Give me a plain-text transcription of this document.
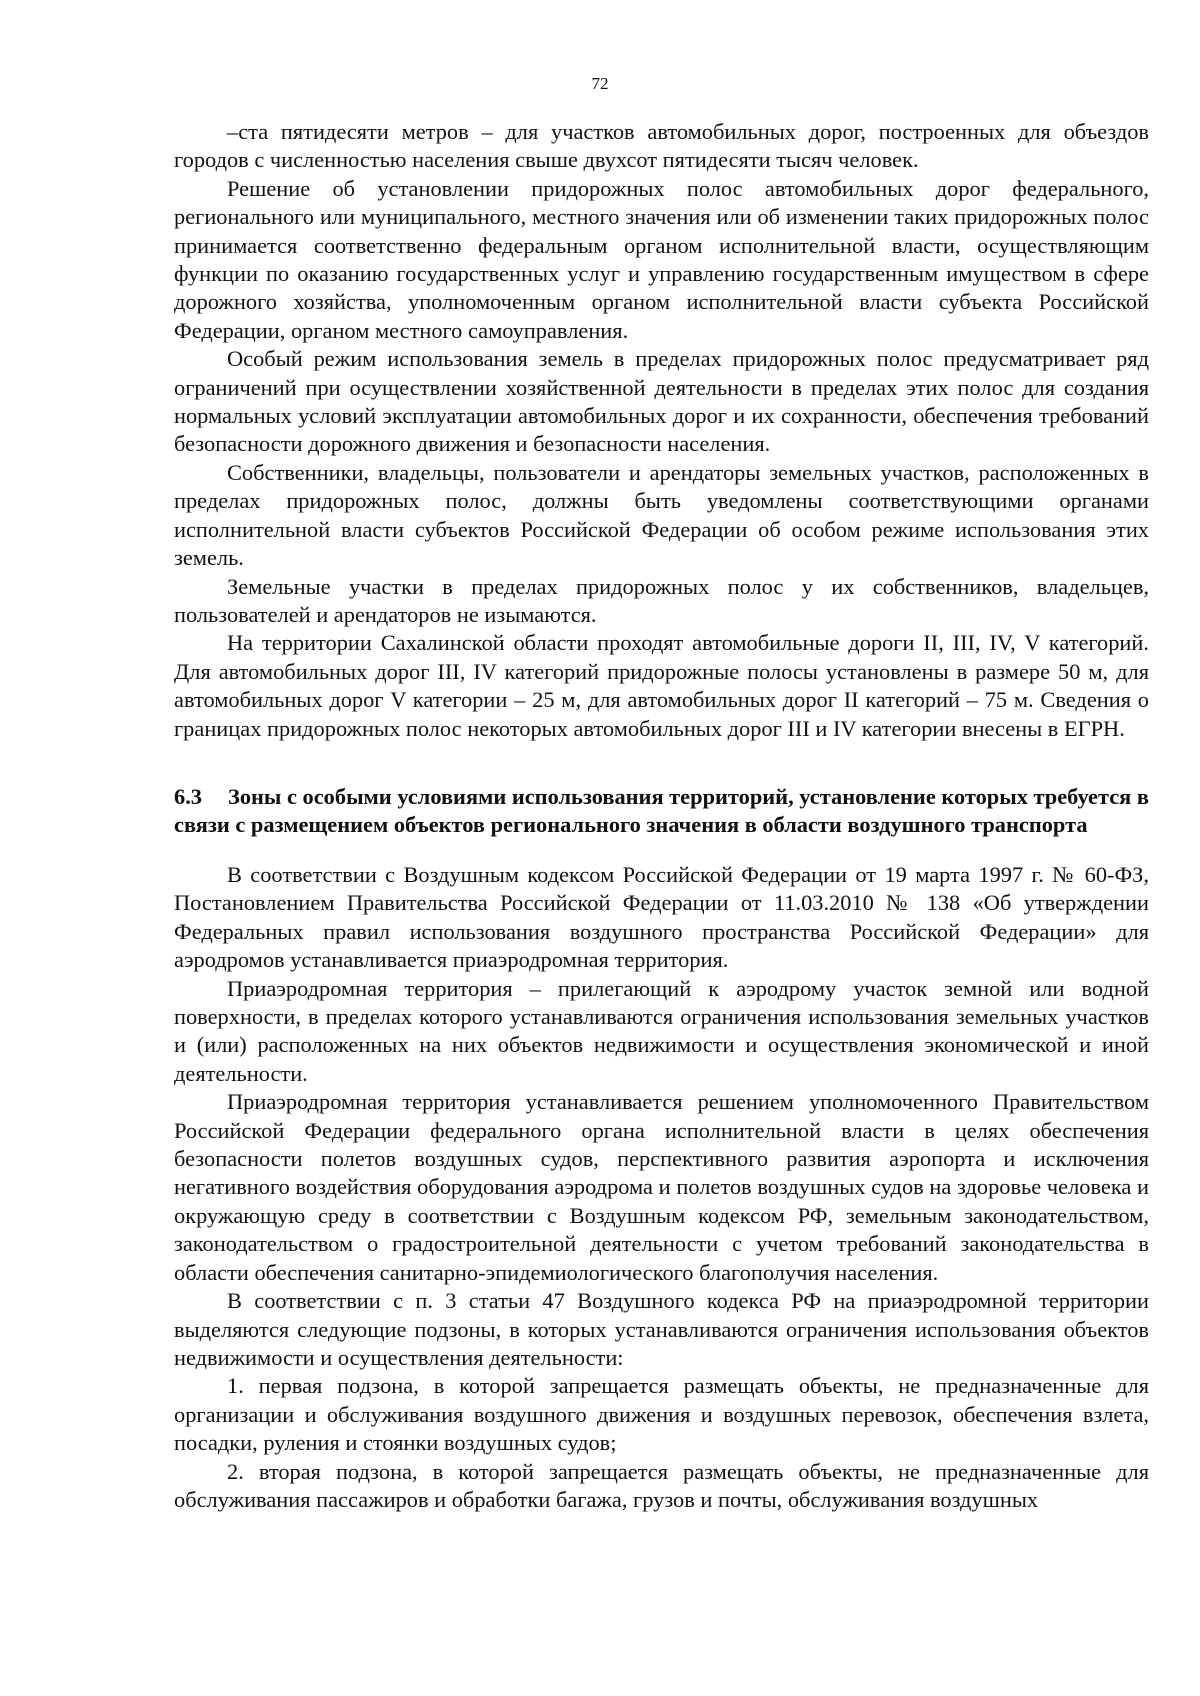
72

–ста пятидесяти метров – для участков автомобильных дорог, построенных для объездов городов с численностью населения свыше двухсот пятидесяти тысяч человек.

Решение об установлении придорожных полос автомобильных дорог федерального, регионального или муниципального, местного значения или об изменении таких придорожных полос принимается соответственно федеральным органом исполнительной власти, осуществляющим функции по оказанию государственных услуг и управлению государственным имуществом в сфере дорожного хозяйства, уполномоченным органом исполнительной власти субъекта Российской Федерации, органом местного самоуправления.

Особый режим использования земель в пределах придорожных полос предусматривает ряд ограничений при осуществлении хозяйственной деятельности в пределах этих полос для создания нормальных условий эксплуатации автомобильных дорог и их сохранности, обеспечения требований безопасности дорожного движения и безопасности населения.

Собственники, владельцы, пользователи и арендаторы земельных участков, расположенных в пределах придорожных полос, должны быть уведомлены соответствующими органами исполнительной власти субъектов Российской Федерации об особом режиме использования этих земель.

Земельные участки в пределах придорожных полос у их собственников, владельцев, пользователей и арендаторов не изымаются.

На территории Сахалинской области проходят автомобильные дороги II, III, IV, V категорий. Для автомобильных дорог III, IV категорий придорожные полосы установлены в размере 50 м, для автомобильных дорог V категории – 25 м, для автомобильных дорог II категорий – 75 м. Сведения о границах придорожных полос некоторых автомобильных дорог III и IV категории внесены в ЕГРН.

6.3 Зоны с особыми условиями использования территорий, установление которых требуется в связи с размещением объектов регионального значения в области воздушного транспорта

В соответствии с Воздушным кодексом Российской Федерации от 19 марта 1997 г. № 60-ФЗ, Постановлением Правительства Российской Федерации от 11.03.2010 № 138 «Об утверждении Федеральных правил использования воздушного пространства Российской Федерации» для аэродромов устанавливается приаэродромная территория.

Приаэродромная территория – прилегающий к аэродрому участок земной или водной поверхности, в пределах которого устанавливаются ограничения использования земельных участков и (или) расположенных на них объектов недвижимости и осуществления экономической и иной деятельности.

Приаэродромная территория устанавливается решением уполномоченного Правительством Российской Федерации федерального органа исполнительной власти в целях обеспечения безопасности полетов воздушных судов, перспективного развития аэропорта и исключения негативного воздействия оборудования аэродрома и полетов воздушных судов на здоровье человека и окружающую среду в соответствии с Воздушным кодексом РФ, земельным законодательством, законодательством о градостроительной деятельности с учетом требований законодательства в области обеспечения санитарно-эпидемиологического благополучия населения.

В соответствии с п. 3 статьи 47 Воздушного кодекса РФ на приаэродромной территории выделяются следующие подзоны, в которых устанавливаются ограничения использования объектов недвижимости и осуществления деятельности:

1. первая подзона, в которой запрещается размещать объекты, не предназначенные для организации и обслуживания воздушного движения и воздушных перевозок, обеспечения взлета, посадки, руления и стоянки воздушных судов;

2. вторая подзона, в которой запрещается размещать объекты, не предназначенные для обслуживания пассажиров и обработки багажа, грузов и почты, обслуживания воздушных
